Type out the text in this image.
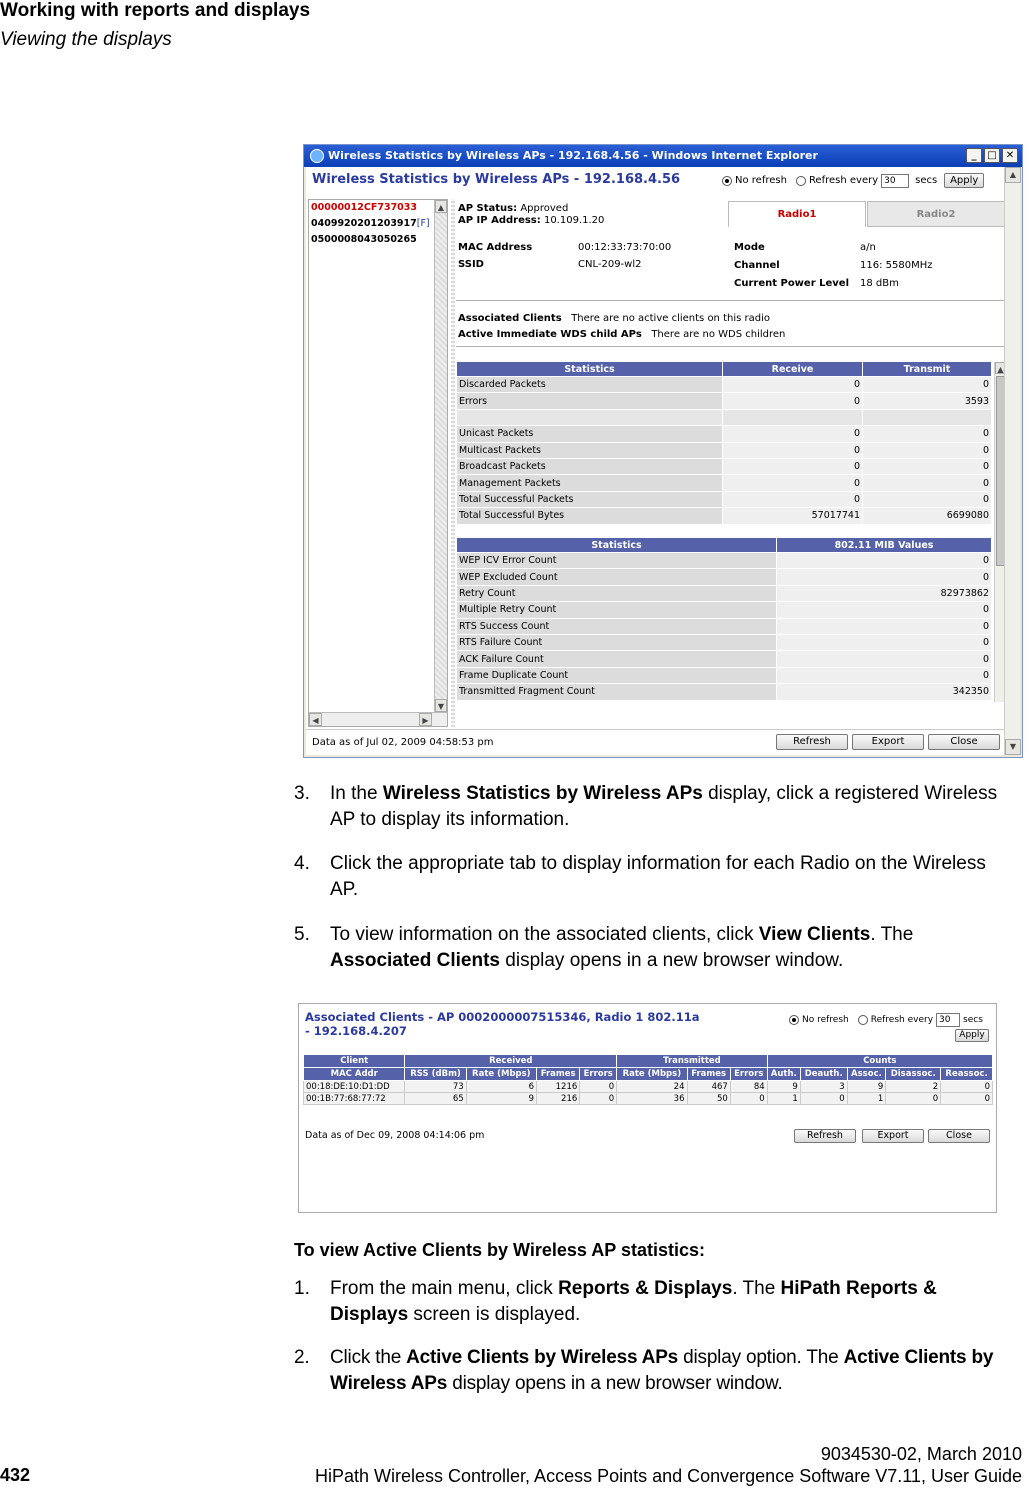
Working with reports and displays
Viewing the displays
Wireless Statistics by Wireless APs - 192.168.4.56 - Windows Internet Explorer	_	□ ✕
Wireless Statistics by Wireless APs - 192.168.4.56	No refresh Refresh every 30	secs	Apply
00000012CF737033
0409920201203917[F]
0500008043050265
▲
▼
◀	▶
AP Status: Approved
AP IP Address: 10.109.1.20
Radio1	Radio2
MAC Address	00:12:33:73:70:00
SSID	CNL-209-wl2
Mode	a/n
Channel	116: 5580MHz
Current Power Level 18 dBm
Associated Clients There are no active clients on this radio
Active Immediate WDS child APs There are no WDS children
Statistics	Receive	Transmit
Discarded Packets	0	0
Errors	0	3593

Unicast Packets	0	0
Multicast Packets	0	0
Broadcast Packets	0	0
Management Packets	0	0
Total Successful Packets	0	0
Total Successful Bytes	57017741	6699080
Statistics	802.11 MIB Values
WEP ICV Error Count	0
WEP Excluded Count	0
Retry Count	82973862
Multiple Retry Count	0
RTS Success Count	0
RTS Failure Count	0
ACK Failure Count	0
Frame Duplicate Count	0
Transmitted Fragment Count	342350
▲
Data as of Jul 02, 2009 04:58:53 pm	Refresh	Export	Close
▲
▼
3. In the Wireless Statistics by Wireless APs display, click a registered Wireless AP to display its information.
4. Click the appropriate tab to display information for each Radio on the Wireless AP.
5. To view information on the associated clients, click View Clients. The Associated Clients display opens in a new browser window.
Associated Clients - AP 0002000007515346, Radio 1 802.11a - 192.168.4.207
No refresh Refresh every 30	secs
Apply
Client	Received				Transmitted			Counts				
MAC Addr	RSS (dBm)	Rate (Mbps)	Frames	Errors	Rate (Mbps)	Frames	Errors	Auth.	Deauth.	Assoc.	Disassoc.	Reassoc.
00:18:DE:10:D1:DD	73	6	1216	0	24	467	84	9	3	9	2	0
00:1B:77:68:77:72	65	9	216	0	36	50	0	1	0	1	0	0
Data as of Dec 09, 2008 04:14:06 pm	Refresh	Export	Close
To view Active Clients by Wireless AP statistics:
1. From the main menu, click Reports & Displays. The HiPath Reports & Displays screen is displayed.
2. Click the Active Clients by Wireless APs display option. The Active Clients by Wireless APs display opens in a new browser window.
9034530-02, March 2010
HiPath Wireless Controller, Access Points and Convergence Software V7.11, User Guide
432
